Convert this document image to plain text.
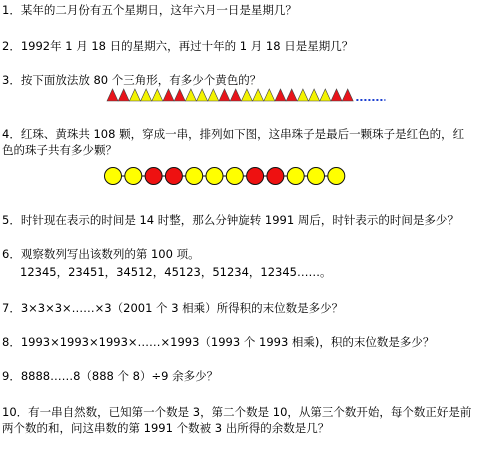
1．某年的二月份有五个星期日，这年六月一日是星期几？
2．1992年 1 月 18 日的星期六，再过十年的 1 月 18 日是星期几？
3．按下面放法放 80 个三角形，有多少个黄色的？
4．红珠、黄珠共 108 颗，穿成一串，排列如下图，这串珠子是最后一颗珠子是红色的，红色的珠子共有多少颗？
5．时针现在表示的时间是 14 时整，那么分钟旋转 1991 周后，时针表示的时间是多少？
6．观察数列写出该数列的第 100 项。
12345，23451，34512，45123，51234，12345……。
7．3×3×3×……×3（2001 个 3 相乘）所得积的末位数是多少？
8．1993×1993×1993×……×1993（1993 个 1993 相乘)，积的末位数是多少？
9．8888……8（888 个 8）÷9 余多少？
10．有一串自然数，已知第一个数是 3，第二个数是 10，从第三个数开始，每个数正好是前两个数的和，问这串数的第 1991 个数被 3 出所得的余数是几？
